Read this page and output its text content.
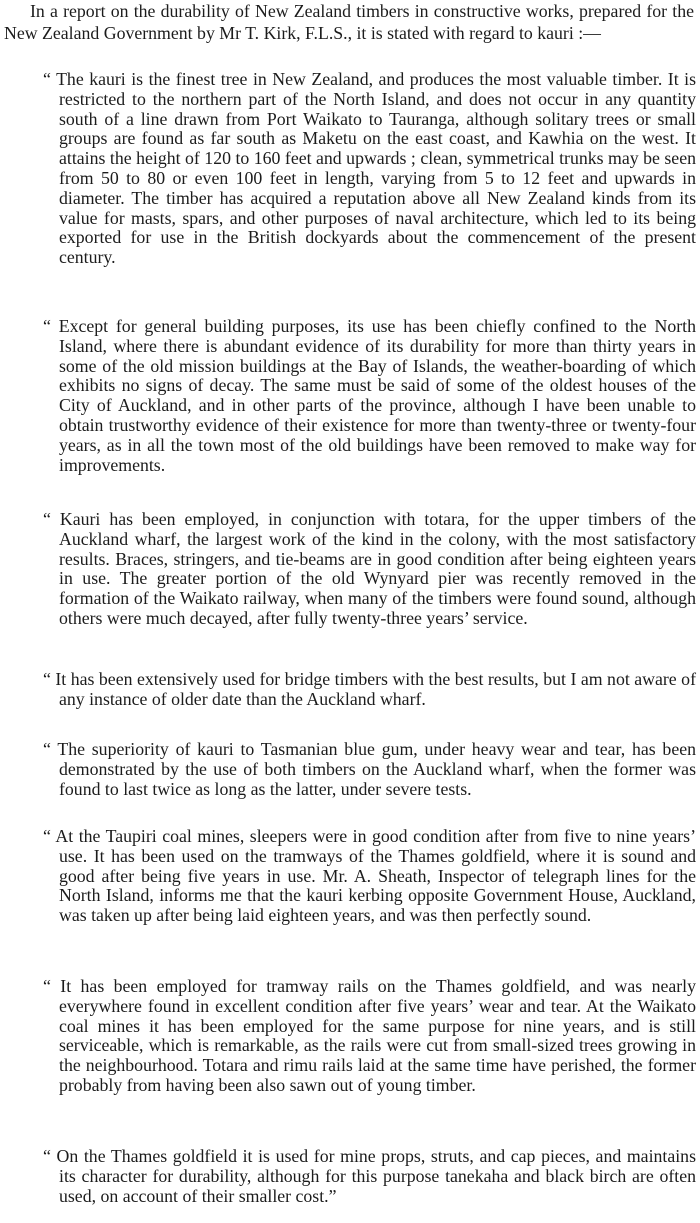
In a report on the durability of New Zealand timbers in constructive works, prepared for the New Zealand Government by Mr T. Kirk, F.L.S., it is stated with regard to kauri :—

“ The kauri is the finest tree in New Zealand, and produces the most valuable timber. It is restricted to the northern part of the North Island, and does not occur in any quantity south of a line drawn from Port Waikato to Tauranga, although solitary trees or small groups are found as far south as Maketu on the east coast, and Kawhia on the west. It attains the height of 120 to 160 feet and upwards ; clean, symmetrical trunks may be seen from 50 to 80 or even 100 feet in length, varying from 5 to 12 feet and upwards in diameter. The timber has acquired a reputation above all New Zealand kinds from its value for masts, spars, and other purposes of naval architecture, which led to its being exported for use in the British dockyards about the commencement of the present century.

“ Except for general building purposes, its use has been chiefly confined to the North Island, where there is abundant evidence of its durability for more than thirty years in some of the old mission buildings at the Bay of Islands, the weather-boarding of which exhibits no signs of decay. The same must be said of some of the oldest houses of the City of Auckland, and in other parts of the province, although I have been unable to obtain trustworthy evidence of their existence for more than twenty-three or twenty-four years, as in all the town most of the old buildings have been removed to make way for improvements.

“ Kauri has been employed, in conjunction with totara, for the upper timbers of the Auckland wharf, the largest work of the kind in the colony, with the most satisfactory results. Braces, stringers, and tie-beams are in good condition after being eighteen years in use. The greater portion of the old Wynyard pier was recently removed in the formation of the Waikato railway, when many of the timbers were found sound, although others were much decayed, after fully twenty-three years’ service.

“ It has been extensively used for bridge timbers with the best results, but I am not aware of any instance of older date than the Auckland wharf.

“ The superiority of kauri to Tasmanian blue gum, under heavy wear and tear, has been demonstrated by the use of both timbers on the Auckland wharf, when the former was found to last twice as long as the latter, under severe tests.

“ At the Taupiri coal mines, sleepers were in good condition after from five to nine years’ use. It has been used on the tramways of the Thames goldfield, where it is sound and good after being five years in use. Mr. A. Sheath, Inspector of telegraph lines for the North Island, informs me that the kauri kerbing opposite Government House, Auckland, was taken up after being laid eighteen years, and was then perfectly sound.

“ It has been employed for tramway rails on the Thames goldfield, and was nearly everywhere found in excellent condition after five years’ wear and tear. At the Waikato coal mines it has been employed for the same purpose for nine years, and is still serviceable, which is remarkable, as the rails were cut from small-sized trees growing in the neighbourhood. Totara and rimu rails laid at the same time have perished, the former probably from having been also sawn out of young timber.

“ On the Thames goldfield it is used for mine props, struts, and cap pieces, and maintains its character for durability, although for this purpose tanekaha and black birch are often used, on account of their smaller cost.”
